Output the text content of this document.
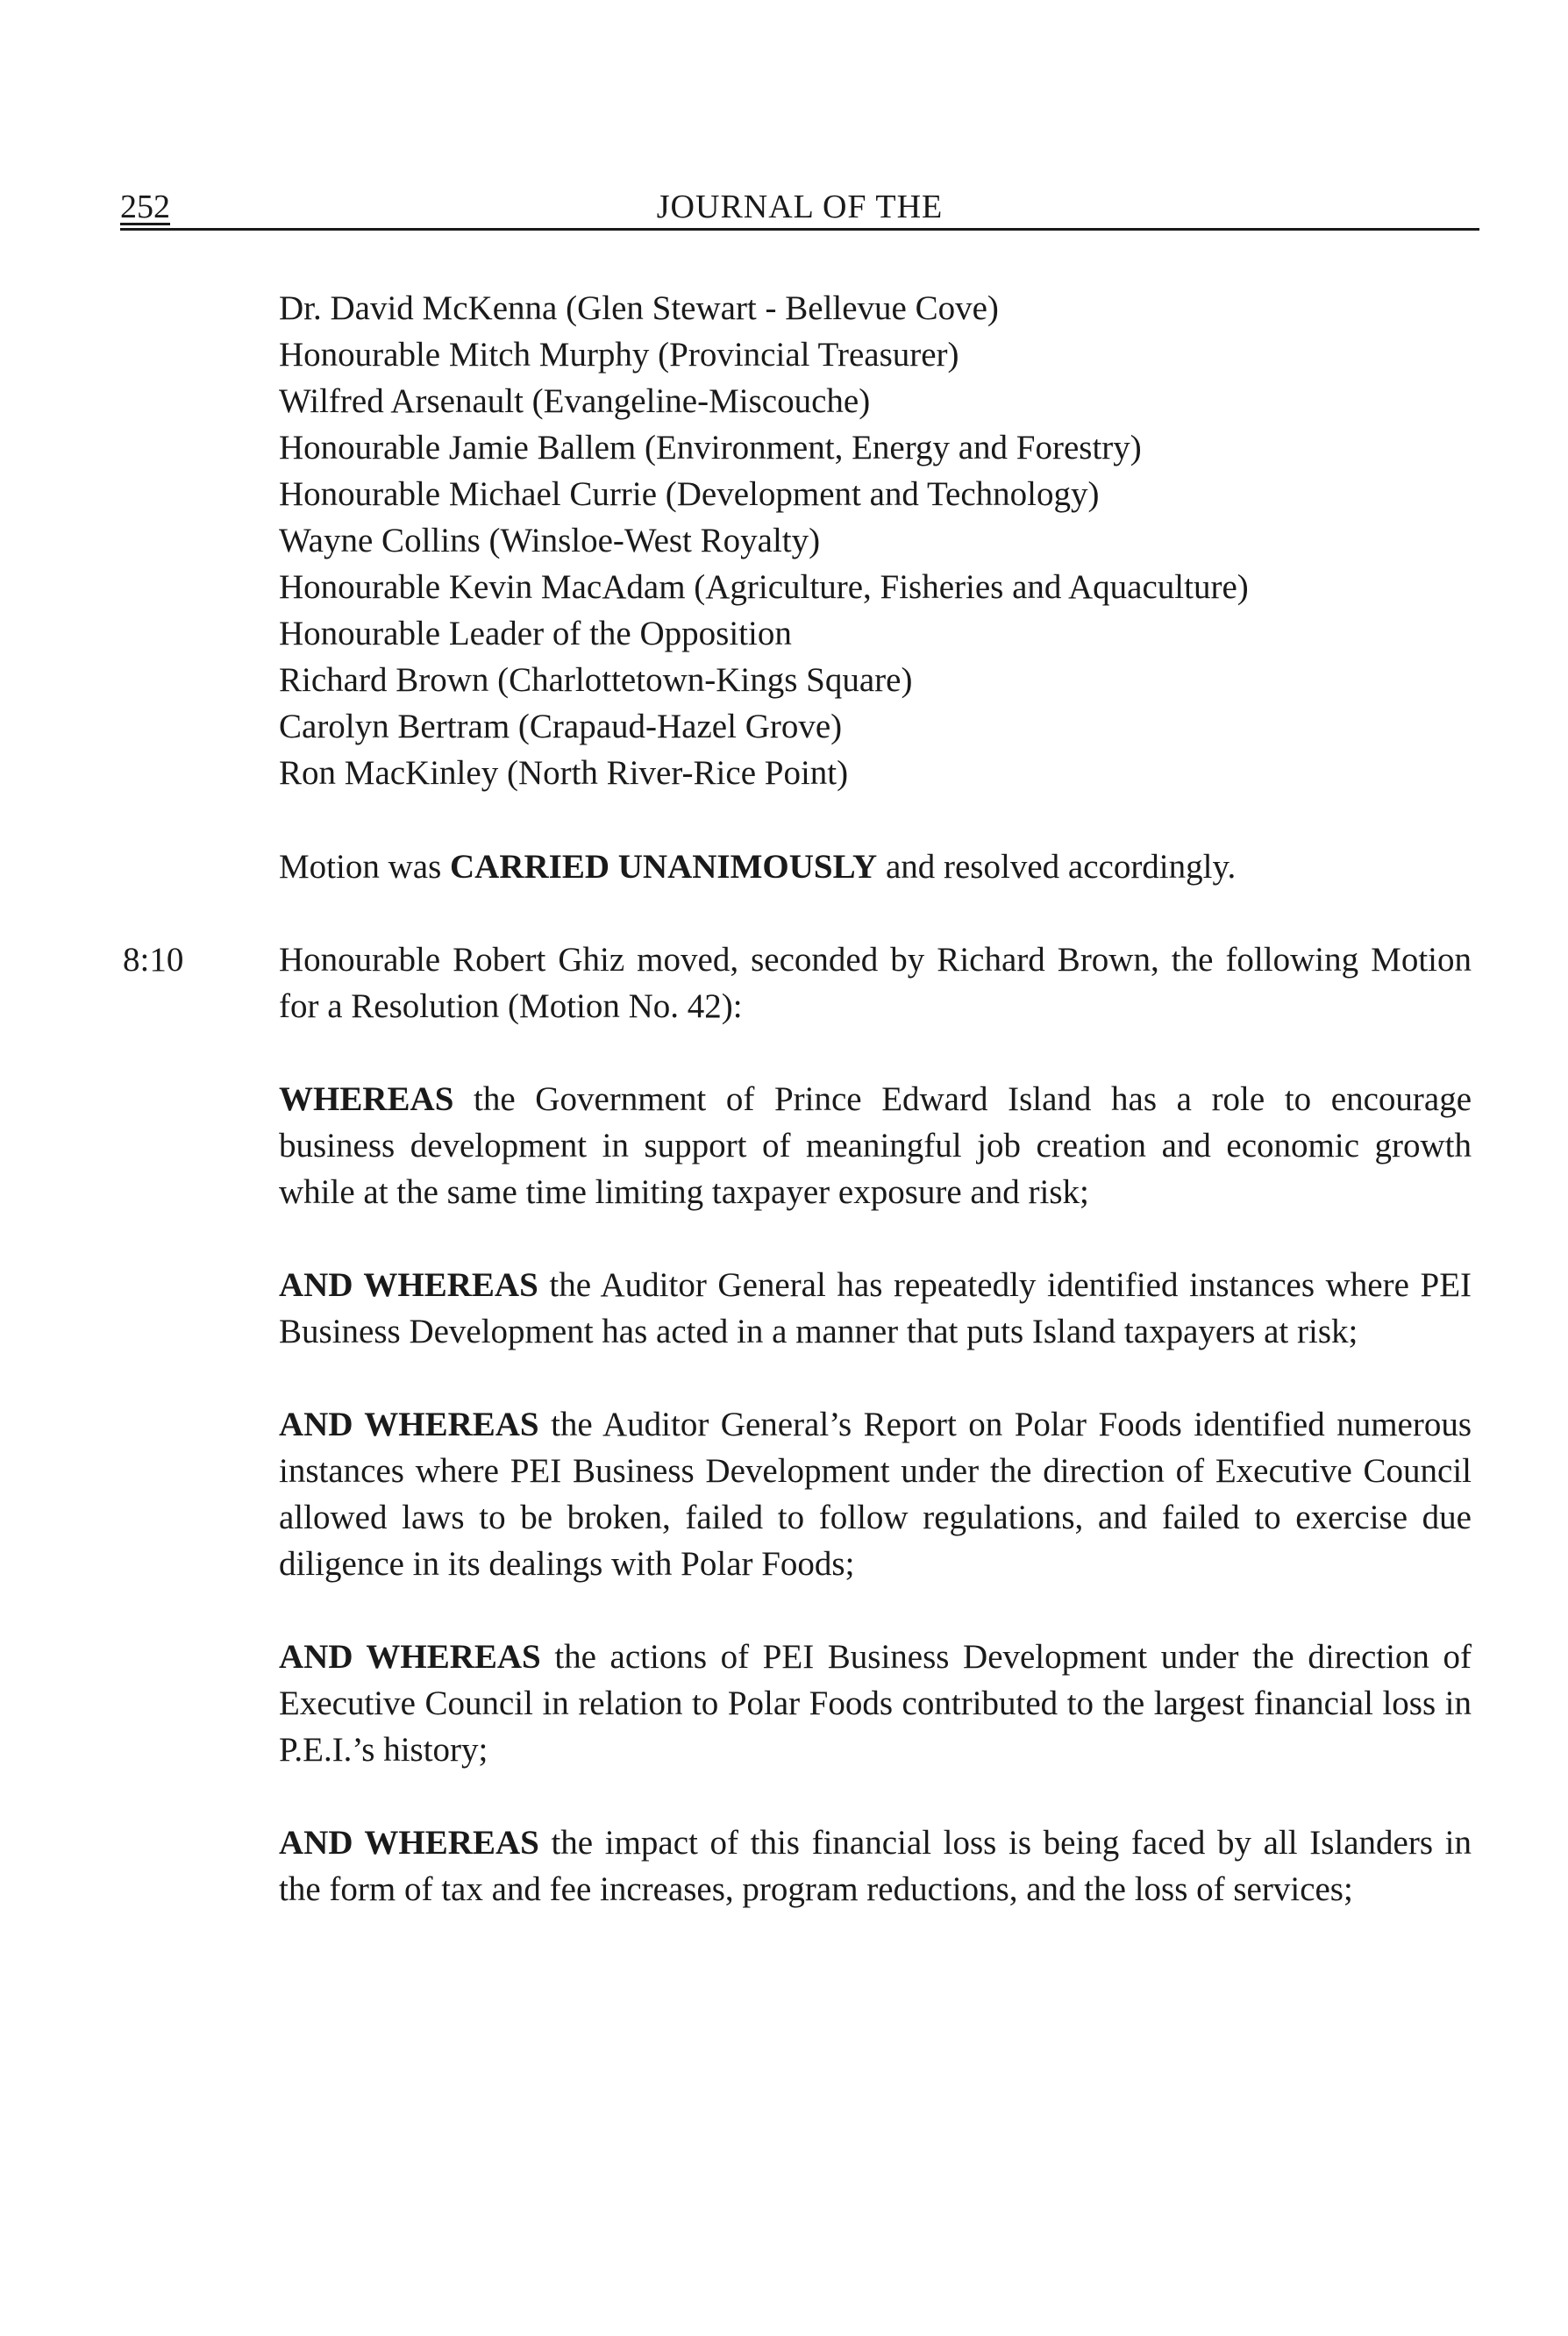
252	JOURNAL OF THE
Dr. David McKenna (Glen Stewart - Bellevue Cove)
Honourable Mitch Murphy (Provincial Treasurer)
Wilfred Arsenault (Evangeline-Miscouche)
Honourable Jamie Ballem (Environment, Energy and Forestry)
Honourable Michael Currie (Development and Technology)
Wayne Collins (Winsloe-West Royalty)
Honourable Kevin MacAdam (Agriculture, Fisheries and Aquaculture)
Honourable Leader of the Opposition
Richard Brown (Charlottetown-Kings Square)
Carolyn Bertram (Crapaud-Hazel Grove)
Ron MacKinley (North River-Rice Point)

Motion was CARRIED UNANIMOUSLY and resolved accordingly.

8:10	Honourable Robert Ghiz moved, seconded by Richard Brown, the following Motion for a Resolution (Motion No. 42):

WHEREAS the Government of Prince Edward Island has a role to encourage business development in support of meaningful job creation and economic growth while at the same time limiting taxpayer exposure and risk;

AND WHEREAS the Auditor General has repeatedly identified instances where PEI Business Development has acted in a manner that puts Island taxpayers at risk;

AND WHEREAS the Auditor General’s Report on Polar Foods identified numerous instances where PEI Business Development under the direction of Executive Council allowed laws to be broken, failed to follow regulations, and failed to exercise due diligence in its dealings with Polar Foods;

AND WHEREAS the actions of PEI Business Development under the direction of Executive Council in relation to Polar Foods contributed to the largest financial loss in P.E.I.’s history;

AND WHEREAS the impact of this financial loss is being faced by all Islanders in the form of tax and fee increases, program reductions, and the loss of services;
